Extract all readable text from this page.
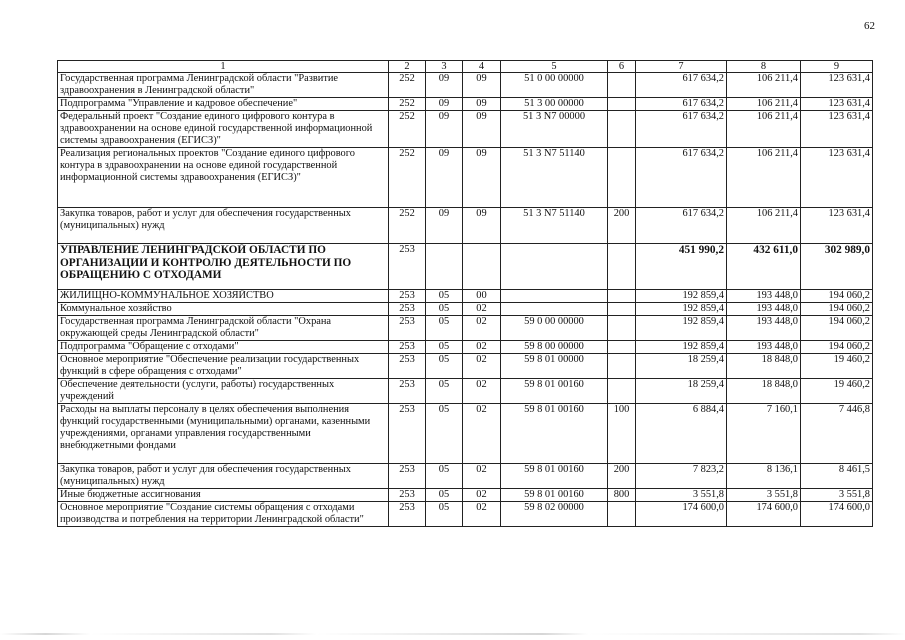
62
1	2	3	4	5	6	7	8	9
Государственная программа Ленинградской области "Развитие здравоохранения в Ленинградской области"	252	09	09	51 0 00 00000		617 634,2	106 211,4	123 631,4
Подпрограмма "Управление и кадровое обеспечение"	252	09	09	51 3 00 00000		617 634,2	106 211,4	123 631,4
Федеральный проект "Создание единого цифрового контура в здравоохранении на основе единой государственной информационной системы здравоохранения (ЕГИСЗ)"	252	09	09	51 3 N7 00000		617 634,2	106 211,4	123 631,4
Реализация региональных проектов "Создание единого цифрового контура в здравоохранении на основе единой государственной информационной системы здравоохранения (ЕГИСЗ)"	252	09	09	51 3 N7 51140		617 634,2	106 211,4	123 631,4
Закупка товаров, работ и услуг для обеспечения государственных (муниципальных) нужд	252	09	09	51 3 N7 51140	200	617 634,2	106 211,4	123 631,4
УПРАВЛЕНИЕ ЛЕНИНГРАДСКОЙ ОБЛАСТИ ПО ОРГАНИЗАЦИИ И КОНТРОЛЮ ДЕЯТЕЛЬНОСТИ ПО ОБРАЩЕНИЮ С ОТХОДАМИ	253					451 990,2	432 611,0	302 989,0
ЖИЛИЩНО-КОММУНАЛЬНОЕ ХОЗЯЙСТВО	253	05	00			192 859,4	193 448,0	194 060,2
Коммунальное хозяйство	253	05	02			192 859,4	193 448,0	194 060,2
Государственная программа Ленинградской области "Охрана окружающей среды Ленинградской области"	253	05	02	59 0 00 00000		192 859,4	193 448,0	194 060,2
Подпрограмма "Обращение с отходами"	253	05	02	59 8 00 00000		192 859,4	193 448,0	194 060,2
Основное мероприятие "Обеспечение реализации государственных функций в сфере обращения с отходами"	253	05	02	59 8 01 00000		18 259,4	18 848,0	19 460,2
Обеспечение деятельности (услуги, работы) государственных учреждений	253	05	02	59 8 01 00160		18 259,4	18 848,0	19 460,2
Расходы на выплаты персоналу в целях обеспечения выполнения функций государственными (муниципальными) органами, казенными учреждениями, органами управления государственными внебюджетными фондами	253	05	02	59 8 01 00160	100	6 884,4	7 160,1	7 446,8
Закупка товаров, работ и услуг для обеспечения государственных (муниципальных) нужд	253	05	02	59 8 01 00160	200	7 823,2	8 136,1	8 461,5
Иные бюджетные ассигнования	253	05	02	59 8 01 00160	800	3 551,8	3 551,8	3 551,8
Основное мероприятие "Создание системы обращения с отходами производства и потребления на территории Ленинградской области"	253	05	02	59 8 02 00000		174 600,0	174 600,0	174 600,0
